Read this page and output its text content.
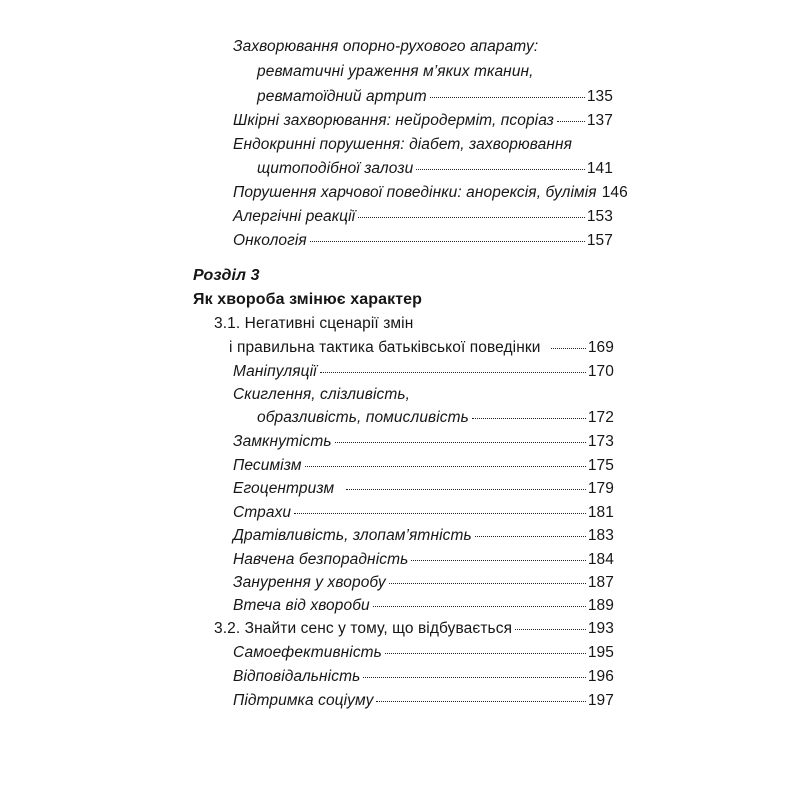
Захворювання опорно-рухового апарату:
ревматичні ураження м’яких тканин,
ревматоїдний артрит	135
Шкірні захворювання: нейродерміт, псоріаз 137
Ендокринні порушення: діабет, захворювання
щитоподібної залози	141
Порушення харчової поведінки: анорексія, булімія 146
Алергічні реакції	153
Онкологія	157
Розділ 3
Як хвороба змінює характер
3.1. Негативні сценарії змін
і правильна тактика батьківської поведінки	169
Маніпуляції	170
Скиглення, слізливість,
образливість, помисливість	172
Замкнутість	173
Песимізм	175
Егоцентризм	179
Страхи	181
Дратівливість, злопам’ятність	183
Навчена безпорадність	184
Занурення у хворобу	187
Втеча від хвороби	189
3.2. Знайти сенс у тому, що відбувається	193
Самоефективність	195
Відповідальність	196
Підтримка соціуму	197
